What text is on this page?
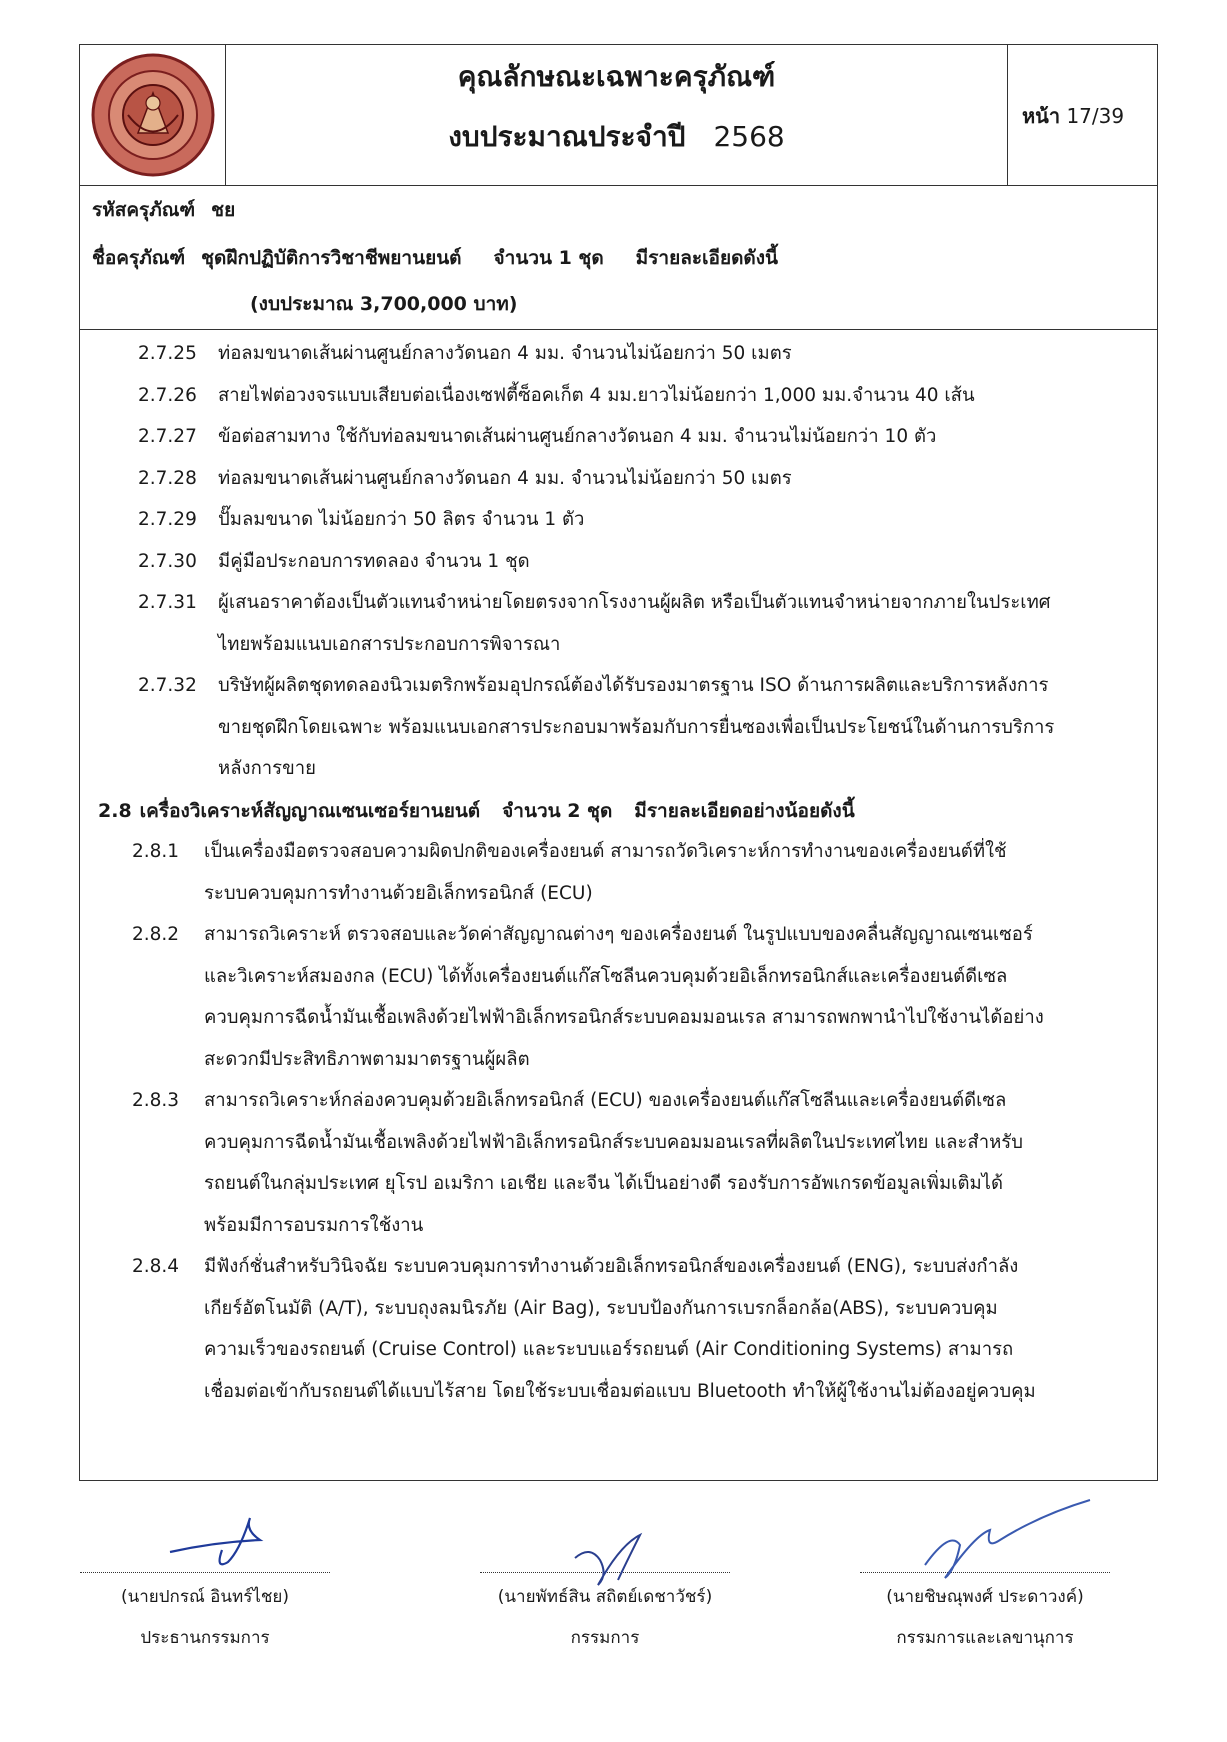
คุณลักษณะเฉพาะครุภัณฑ์
งบประมาณประจำปี 2568
หน้า 17/39
รหัสครุภัณฑ์ ชย
ชื่อครุภัณฑ์ ชุดฝึกปฏิบัติการวิชาชีพยานยนต์ จำนวน 1 ชุด มีรายละเอียดดังนี้
(งบประมาณ 3,700,000 บาท)
2.7.25 ท่อลมขนาดเส้นผ่านศูนย์กลางวัดนอก 4 มม. จำนวนไม่น้อยกว่า 50 เมตร
2.7.26 สายไฟต่อวงจรแบบเสียบต่อเนื่องเซฟตี้ซ็อคเก็ต 4 มม.ยาวไม่น้อยกว่า 1,000 มม.จำนวน 40 เส้น
2.7.27 ข้อต่อสามทาง ใช้กับท่อลมขนาดเส้นผ่านศูนย์กลางวัดนอก 4 มม. จำนวนไม่น้อยกว่า 10 ตัว
2.7.28 ท่อลมขนาดเส้นผ่านศูนย์กลางวัดนอก 4 มม. จำนวนไม่น้อยกว่า 50 เมตร
2.7.29 ปั๊มลมขนาด ไม่น้อยกว่า 50 ลิตร จำนวน 1 ตัว
2.7.30 มีคู่มือประกอบการทดลอง จำนวน 1 ชุด
2.7.31 ผู้เสนอราคาต้องเป็นตัวแทนจำหน่ายโดยตรงจากโรงงานผู้ผลิต หรือเป็นตัวแทนจำหน่ายจากภายในประเทศ
ไทยพร้อมแนบเอกสารประกอบการพิจารณา
2.7.32 บริษัทผู้ผลิตชุดทดลองนิวเมตริกพร้อมอุปกรณ์ต้องได้รับรองมาตรฐาน ISO ด้านการผลิตและบริการหลังการ
ขายชุดฝึกโดยเฉพาะ พร้อมแนบเอกสารประกอบมาพร้อมกับการยื่นซองเพื่อเป็นประโยชน์ในด้านการบริการ
หลังการขาย
2.8 เครื่องวิเคราะห์สัญญาณเซนเซอร์ยานยนต์ จำนวน 2 ชุด มีรายละเอียดอย่างน้อยดังนี้
2.8.1 เป็นเครื่องมือตรวจสอบความผิดปกติของเครื่องยนต์ สามารถวัดวิเคราะห์การทำงานของเครื่องยนต์ที่ใช้
ระบบควบคุมการทำงานด้วยอิเล็กทรอนิกส์ (ECU)
2.8.2 สามารถวิเคราะห์ ตรวจสอบและวัดค่าสัญญาณต่างๆ ของเครื่องยนต์ ในรูปแบบของคลื่นสัญญาณเซนเซอร์
และวิเคราะห์สมองกล (ECU) ได้ทั้งเครื่องยนต์แก๊สโซลีนควบคุมด้วยอิเล็กทรอนิกส์และเครื่องยนต์ดีเซล
ควบคุมการฉีดน้ำมันเชื้อเพลิงด้วยไฟฟ้าอิเล็กทรอนิกส์ระบบคอมมอนเรล สามารถพกพานำไปใช้งานได้อย่าง
สะดวกมีประสิทธิภาพตามมาตรฐานผู้ผลิต
2.8.3 สามารถวิเคราะห์กล่องควบคุมด้วยอิเล็กทรอนิกส์ (ECU) ของเครื่องยนต์แก๊สโซลีนและเครื่องยนต์ดีเซล
ควบคุมการฉีดน้ำมันเชื้อเพลิงด้วยไฟฟ้าอิเล็กทรอนิกส์ระบบคอมมอนเรลที่ผลิตในประเทศไทย และสำหรับ
รถยนต์ในกลุ่มประเทศ ยุโรป อเมริกา เอเชีย และจีน ได้เป็นอย่างดี รองรับการอัพเกรดข้อมูลเพิ่มเติมได้
พร้อมมีการอบรมการใช้งาน
2.8.4 มีฟังก์ชั่นสำหรับวินิจฉัย ระบบควบคุมการทำงานด้วยอิเล็กทรอนิกส์ของเครื่องยนต์ (ENG), ระบบส่งกำลัง
เกียร์อัตโนมัติ (A/T), ระบบถุงลมนิรภัย (Air Bag), ระบบป้องกันการเบรกล็อกล้อ(ABS), ระบบควบคุม
ความเร็วของรถยนต์ (Cruise Control) และระบบแอร์รถยนต์ (Air Conditioning Systems) สามารถ
เชื่อมต่อเข้ากับรถยนต์ได้แบบไร้สาย โดยใช้ระบบเชื่อมต่อแบบ Bluetooth ทำให้ผู้ใช้งานไม่ต้องอยู่ควบคุม
(นายปกรณ์ อินทร์ไชย)
ประธานกรรมการ
(นายพัทธ์สิน สถิตย์เดชาวัชร์)
กรรมการ
(นายชิษณุพงศ์ ประดาวงค์)
กรรมการและเลขานุการ
